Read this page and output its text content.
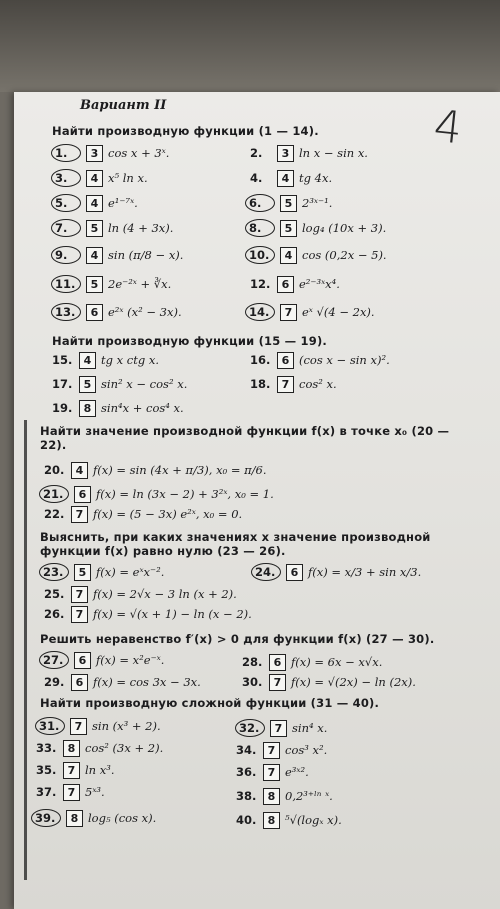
Вариант II	4
Найти производную функции (1 — 14).
Найти производную функции (15 — 19).
Найти значение производной функции f(x) в точке x₀ (20 — 22).
Выяснить, при каких значениях x значение производной функции f(x) равно нулю (23 — 26).
Решить неравенство f′(x) > 0 для функции f(x) (27 — 30).
Найти производную сложной функции (31 — 40).
1.	3 cos x + 3ˣ.	2.	3 ln x − sin x.
3.	4 x⁵ ln x.	4.	4 tg 4x.
5.	4 e¹⁻⁷ˣ.	6.	5 2³ˣ⁻¹.
7.	5 ln (4 + 3x).	8.	5 log₄ (10x + 3).
9.	4 sin (π/8 − x).	10.	4 cos (0,2x − 5).
11.	5 2e⁻²ˣ + ∛x.	12.	6 e²⁻³ˣx⁴.
13.	6 e²ˣ (x² − 3x).	14.	7 eˣ √(4 − 2x).
15.	4 tg x ctg x.	16.	6 (cos x − sin x)².
17.	5 sin² x − cos² x.	18.	7 cos² x.
19.	8 sin⁴x + cos⁴ x.
20.	4 f(x) = sin (4x + π/3), x₀ = π/6.
21.	6 f(x) = ln (3x − 2) + 3²ˣ, x₀ = 1.
22.	7 f(x) = (5 − 3x) e²ˣ, x₀ = 0.
23.	5 f(x) = eˣx⁻².	24.	6 f(x) = x/3 + sin x/3.
25.	7 f(x) = 2√x − 3 ln (x + 2).
26.	7 f(x) = √(x + 1) − ln (x − 2).
27.	6 f(x) = x²e⁻ˣ.	28.	6 f(x) = 6x − x√x.
29.	6 f(x) = cos 3x − 3x.	30.	7 f(x) = √(2x) − ln (2x).
31.	7 sin (x³ + 2).	32.	7 sin⁴ x.
33.	8 cos² (3x + 2).	34.	7 cos³ x².
35.	7 ln x³.	36.	7 e³ˣ².
37.	7 5ˣ³.	38.	8 0,2³⁺ˡⁿ ˣ.
39.	8 log₅ (cos x).	40.	8 ⁵√(logₓ x).
